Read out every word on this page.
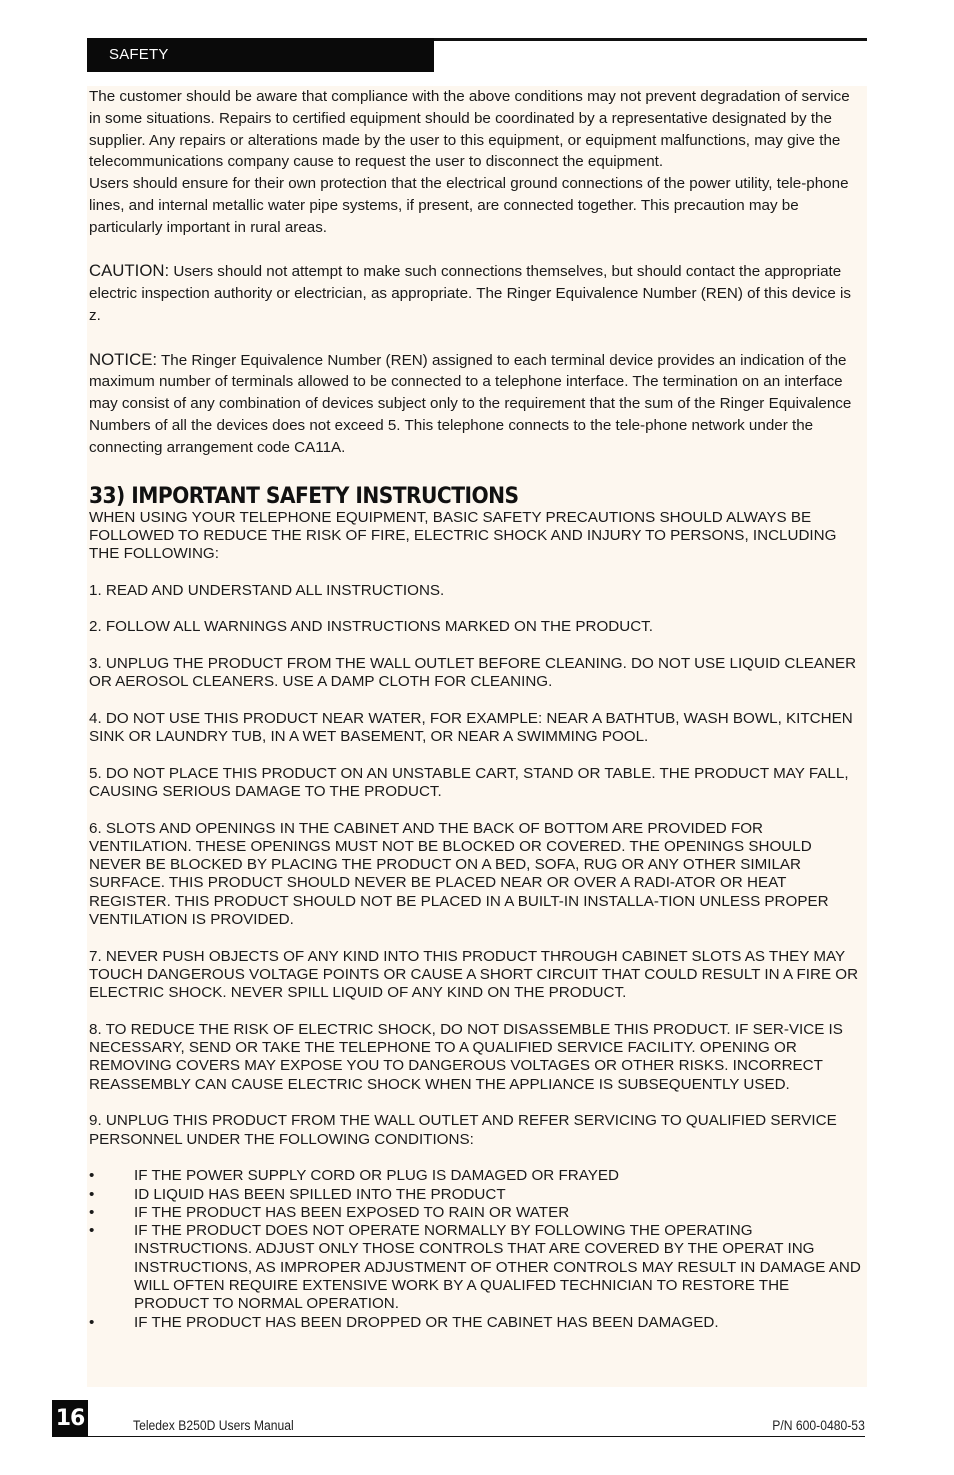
SAFETY

The customer should be aware that compliance with the above conditions may not prevent degradation of service in some situations. Repairs to certified equipment should be coordinated by a representative designated by the supplier. Any repairs or alterations made by the user to this equipment, or equipment malfunctions, may give the telecommunications company cause to request the user to disconnect the equipment.

Users should ensure for their own protection that the electrical ground connections of the power utility, tele-phone lines, and internal metallic water pipe systems, if present, are connected together. This precaution may be particularly important in rural areas.

CAUTION: Users should not attempt to make such connections themselves, but should contact the appropriate electric inspection authority or electrician, as appropriate. The Ringer Equivalence Number (REN) of this device is z.

NOTICE: The Ringer Equivalence Number (REN) assigned to each terminal device provides an indication of the maximum number of terminals allowed to be connected to a telephone interface. The termination on an interface may consist of any combination of devices subject only to the requirement that the sum of the Ringer Equivalence Numbers of all the devices does not exceed 5. This telephone connects to the tele-phone network under the connecting arrangement code CA11A.

33) IMPORTANT SAFETY INSTRUCTIONS

WHEN USING YOUR TELEPHONE EQUIPMENT, BASIC SAFETY PRECAUTIONS SHOULD ALWAYS BE FOLLOWED TO REDUCE THE RISK OF FIRE, ELECTRIC SHOCK AND INJURY TO PERSONS, INCLUDING THE FOLLOWING:

1. READ AND UNDERSTAND ALL INSTRUCTIONS.

2. FOLLOW ALL WARNINGS AND INSTRUCTIONS MARKED ON THE PRODUCT.

3. UNPLUG THE PRODUCT FROM THE WALL OUTLET BEFORE CLEANING. DO NOT USE LIQUID CLEANER OR AEROSOL CLEANERS. USE A DAMP CLOTH FOR CLEANING.

4. DO NOT USE THIS PRODUCT NEAR WATER, FOR EXAMPLE: NEAR A BATHTUB, WASH BOWL, KITCHEN SINK OR LAUNDRY TUB, IN A WET BASEMENT, OR NEAR A SWIMMING POOL.

5. DO NOT PLACE THIS PRODUCT ON AN UNSTABLE CART, STAND OR TABLE. THE PRODUCT MAY FALL, CAUSING SERIOUS DAMAGE TO THE PRODUCT.

6. SLOTS AND OPENINGS IN THE CABINET AND THE BACK OF BOTTOM ARE PROVIDED FOR VENTILATION. THESE OPENINGS MUST NOT BE BLOCKED OR COVERED. THE OPENINGS SHOULD NEVER BE BLOCKED BY PLACING THE PRODUCT ON A BED, SOFA, RUG OR ANY OTHER SIMILAR SURFACE. THIS PRODUCT SHOULD NEVER BE PLACED NEAR OR OVER A RADI-ATOR OR HEAT REGISTER. THIS PRODUCT SHOULD NOT BE PLACED IN A BUILT-IN INSTALLA-TION UNLESS PROPER VENTILATION IS PROVIDED.

7. NEVER PUSH OBJECTS OF ANY KIND INTO THIS PRODUCT THROUGH CABINET SLOTS AS THEY MAY TOUCH DANGEROUS VOLTAGE POINTS OR CAUSE A SHORT CIRCUIT THAT COULD RESULT IN A FIRE OR ELECTRIC SHOCK. NEVER SPILL LIQUID OF ANY KIND ON THE PRODUCT.

8. TO REDUCE THE RISK OF ELECTRIC SHOCK, DO NOT DISASSEMBLE THIS PRODUCT. IF SER-VICE IS NECESSARY, SEND OR TAKE THE TELEPHONE TO A QUALIFIED SERVICE FACILITY. OPENING OR REMOVING COVERS MAY EXPOSE YOU TO DANGEROUS VOLTAGES OR OTHER RISKS. INCORRECT REASSEMBLY CAN CAUSE ELECTRIC SHOCK WHEN THE APPLIANCE IS SUBSEQUENTLY USED.

9. UNPLUG THIS PRODUCT FROM THE WALL OUTLET AND REFER SERVICING TO QUALIFIED SERVICE PERSONNEL UNDER THE FOLLOWING CONDITIONS:

•	IF THE POWER SUPPLY CORD OR PLUG IS DAMAGED OR FRAYED
•	ID LIQUID HAS BEEN SPILLED INTO THE PRODUCT
•	IF THE PRODUCT HAS BEEN EXPOSED TO RAIN OR WATER
•	IF THE PRODUCT DOES NOT OPERATE NORMALLY BY FOLLOWING THE OPERATING INSTRUCTIONS. ADJUST ONLY THOSE CONTROLS THAT ARE COVERED BY THE OPERAT ING INSTRUCTIONS, AS IMPROPER ADJUSTMENT OF OTHER CONTROLS MAY RESULT IN DAMAGE AND WILL OFTEN REQUIRE EXTENSIVE WORK BY A QUALIFED TECHNICIAN TO RESTORE THE PRODUCT TO NORMAL OPERATION.
•	IF THE PRODUCT HAS BEEN DROPPED OR THE CABINET HAS BEEN DAMAGED.
16	Teledex B250D Users Manual	P/N 600-0480-53
